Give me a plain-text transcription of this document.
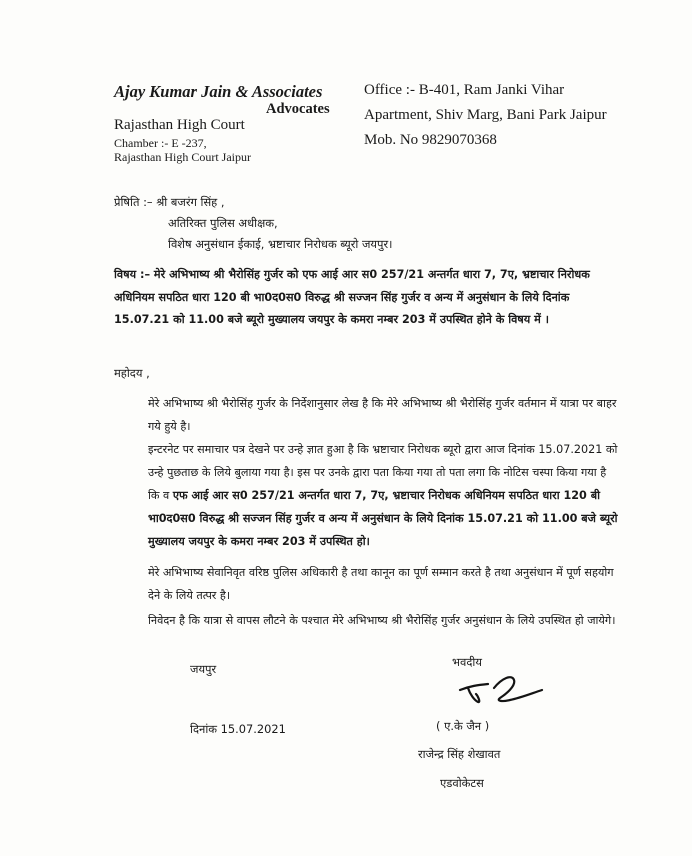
Ajay Kumar Jain & Associates
Advocates
Rajasthan High Court
Chamber :- E -237,
Rajasthan High Court Jaipur
Office :- B-401, Ram Janki Vihar
Apartment, Shiv Marg, Bani Park Jaipur
Mob. No 9829070368
प्रेषिति :– श्री बजरंग सिंह ,
अतिरिक्त पुलिस अधीक्षक,
विशेष अनुसंधान ईकाई, भ्रष्टाचार निरोधक ब्यूरो जयपुर।
विषय :– मेरे अभिभाष्य श्री भैरोसिंह गुर्जर को एफ आई आर स0 257/21 अन्तर्गत धारा 7, 7ए, भ्रष्टाचार निरोधक अधिनियम सपठित धारा 120 बी भा0द0स0 विरुद्ध श्री सज्जन सिंह गुर्जर व अन्य में अनुसंधान के लिये दिनांक 15.07.21 को 11.00 बजे ब्यूरो मुख्यालय जयपुर के कमरा नम्बर 203 में उपस्थित होने के विषय में ।
महोदय ,
मेरे अभिभाष्य श्री भैरोसिंह गुर्जर के निर्देशानुसार लेख है कि मेरे अभिभाष्य श्री भैरोसिंह गुर्जर वर्तमान में यात्रा पर बाहर गये हुये है।
इन्टरनेट पर समाचार पत्र देखने पर उन्हे ज्ञात हुआ है कि भ्रष्टाचार निरोधक ब्यूरो द्वारा आज दिनांक 15.07.2021 को उन्हे पुछताछ के लिये बुलाया गया है। इस पर उनके द्वारा पता किया गया तो पता लगा कि नोटिस चस्पा किया गया है कि व एफ आई आर स0 257/21 अन्तर्गत धारा 7, 7ए, भ्रष्टाचार निरोधक अधिनियम सपठित धारा 120 बी भा0द0स0 विरुद्ध श्री सज्जन सिंह गुर्जर व अन्य में अनुसंधान के लिये दिनांक 15.07.21 को 11.00 बजे ब्यूरो मुख्यालय जयपुर के कमरा नम्बर 203 में उपस्थित हो।
मेरे अभिभाष्य सेवानिवृत वरिष्ठ पुलिस अधिकारी है तथा कानून का पूर्ण सम्मान करते है तथा अनुसंधान में पूर्ण सहयोग देने के लिये तत्पर है।
निवेदन है कि यात्रा से वापस लौटने के पश्चात मेरे अभिभाष्य श्री भैरोसिंह गुर्जर अनुसंधान के लिये उपस्थित हो जायेगे।
जयपुर	भवदीय
दिनांक 15.07.2021	( ए.के जैन )
राजेन्द्र सिंह शेखावत
एडवोकेटस
